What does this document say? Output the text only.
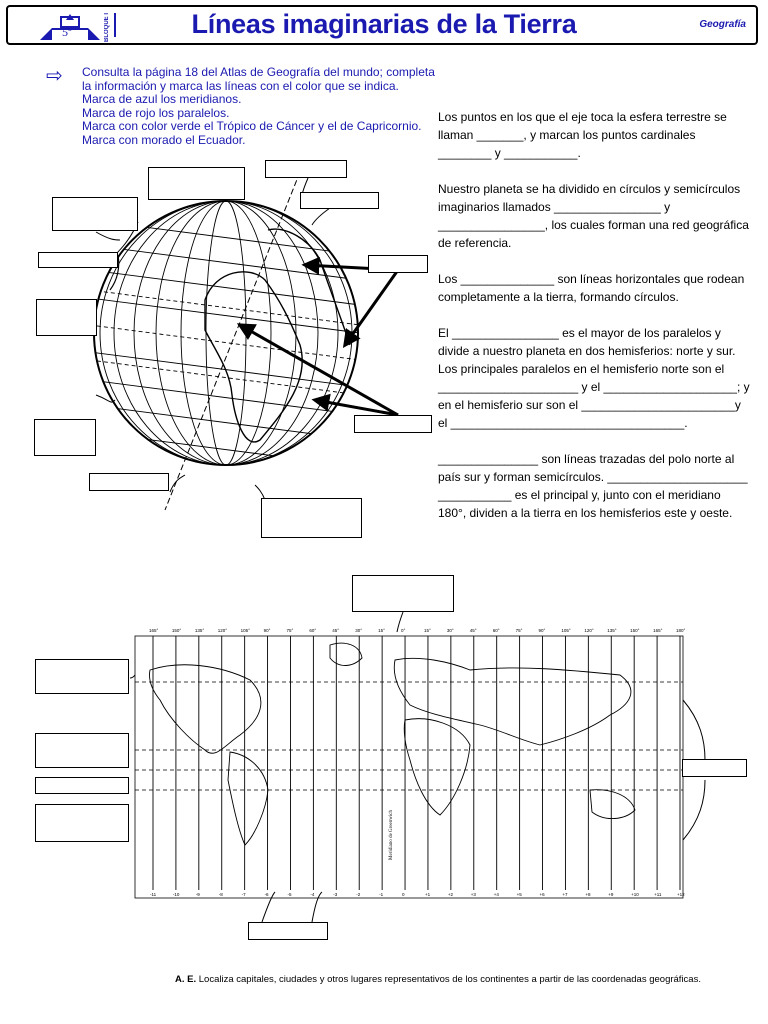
5º	BLOQUE I	Líneas imaginarias de la Tierra	Geografía
⇨ Consulta la página 18 del Atlas de Geografía del mundo; completa la información y marca las líneas con el color que se indica.
Marca de azul los meridianos.
Marca de rojo los paralelos.
Marca con color verde el Trópico de Cáncer y el de Capricornio.
Marca con morado el Ecuador.

Los puntos en los que el eje toca la esfera terrestre se llaman _______, y marcan los puntos cardinales ________ y ___________.

Nuestro planeta se ha dividido en círculos y semicírculos imaginarios llamados ________________ y ________________, los cuales forman una red geográfica de referencia.

Los ______________ son líneas horizontales que rodean completamente a la tierra, formando círculos.

El ________________ es el mayor de los paralelos y divide a nuestro planeta en dos hemisferios: norte y sur. Los principales paralelos en el hemisferio norte son el _____________________ y el ____________________; y en el hemisferio sur son el _______________________y el ___________________________________.

_______________ son líneas trazadas del polo norte al país sur y forman semicírculos. _____________________ ___________ es el principal y, junto con el meridiano 180°, dividen a la tierra en los hemisferios este y oeste.

Meridiano de Greenwich
165°	150°	135°	120°	105°	90°	75°	60°	45°	30°	15°	0°	15°	30°	45°	60°	75°	90°	105°	120°	135°	150°	165°	180°
-11	-10	-9	-8	-7	-6	-5	-4	-3	-2	-1	0	+1	+2	+3	+4	+5	+6	+7	+8	+9	+10	+11	+12
A. E. Localiza capitales, ciudades y otros lugares representativos de los continentes a partir de las coordenadas geográficas.
